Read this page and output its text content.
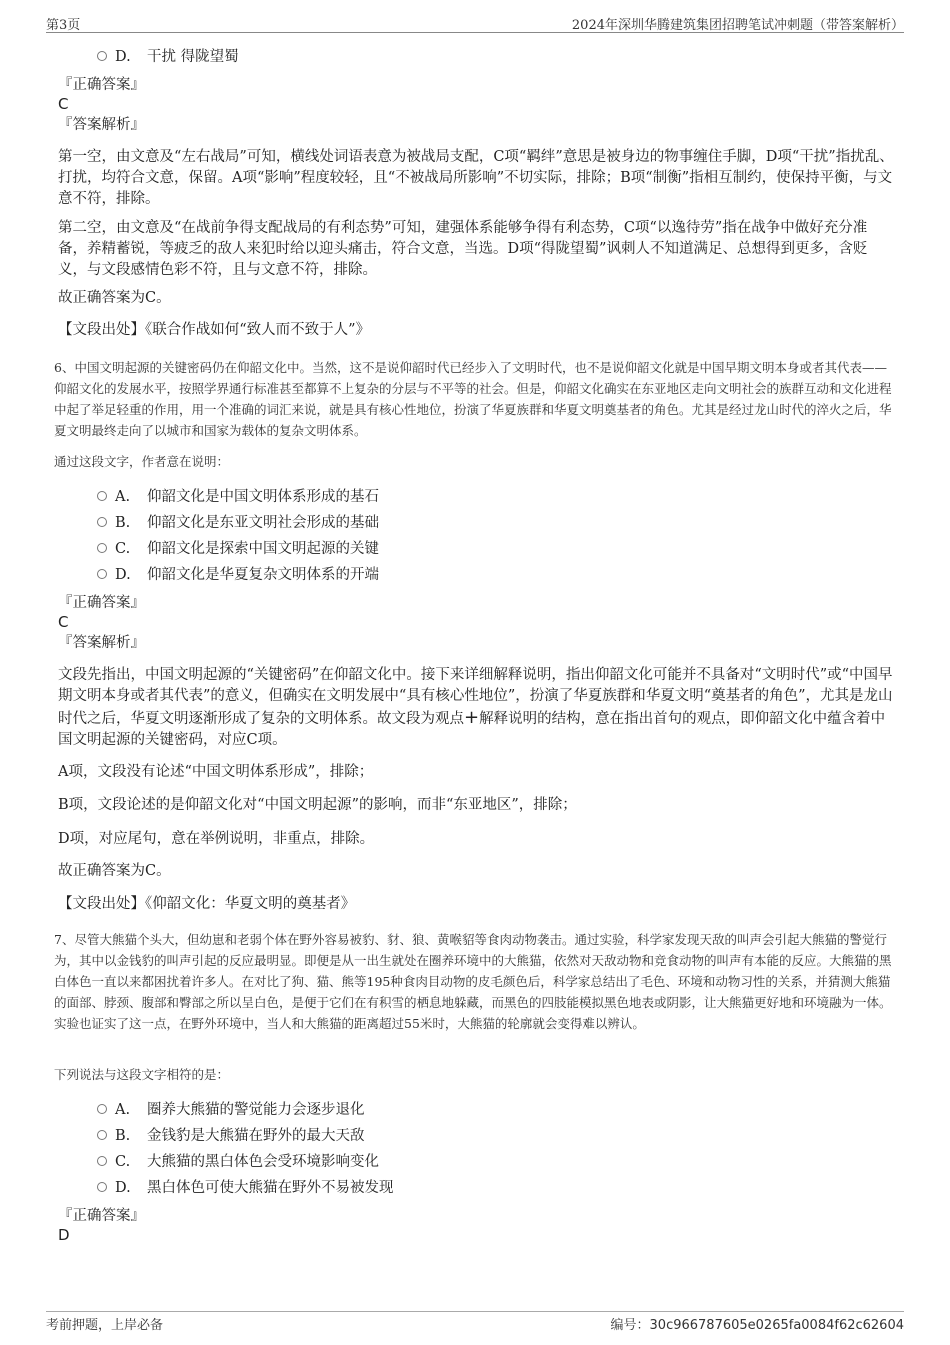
第3页	2024年深圳华腾建筑集团招聘笔试冲刺题（带答案解析）
D. 干扰 得陇望蜀
『正确答案』
C
『答案解析』
第一空，由文意及“左右战局”可知，横线处词语表意为被战局支配，C项“羁绊”意思是被身边的物事缠住手脚，D项“干扰”指扰乱、打扰，均符合文意，保留。A项“影响”程度较轻，且“不被战局所影响”不切实际，排除；B项“制衡”指相互制约，使保持平衡，与文意不符，排除。
第二空，由文意及“在战前争得支配战局的有利态势”可知，建强体系能够争得有利态势，C项“以逸待劳”指在战争中做好充分准备，养精蓄锐，等疲乏的敌人来犯时给以迎头痛击，符合文意，当选。D项“得陇望蜀”讽刺人不知道满足、总想得到更多，含贬义，与文段感情色彩不符，且与文意不符，排除。
故正确答案为C。
【文段出处】《联合作战如何“致人而不致于人”》
6、中国文明起源的关键密码仍在仰韶文化中。当然，这不是说仰韶时代已经步入了文明时代，也不是说仰韶文化就是中国早期文明本身或者其代表——仰韶文化的发展水平，按照学界通行标准甚至都算不上复杂的分层与不平等的社会。但是，仰韶文化确实在东亚地区走向文明社会的族群互动和文化进程中起了举足轻重的作用，用一个准确的词汇来说，就是具有核心性地位，扮演了华夏族群和华夏文明奠基者的角色。尤其是经过龙山时代的淬火之后，华夏文明最终走向了以城市和国家为载体的复杂文明体系。
通过这段文字，作者意在说明：
A. 仰韶文化是中国文明体系形成的基石
B. 仰韶文化是东亚文明社会形成的基础
C. 仰韶文化是探索中国文明起源的关键
D. 仰韶文化是华夏复杂文明体系的开端
『正确答案』
C
『答案解析』
文段先指出，中国文明起源的“关键密码”在仰韶文化中。接下来详细解释说明，指出仰韶文化可能并不具备对“文明时代”或“中国早期文明本身或者其代表”的意义，但确实在文明发展中“具有核心性地位”，扮演了华夏族群和华夏文明“奠基者的角色”，尤其是龙山时代之后，华夏文明逐渐形成了复杂的文明体系。故文段为观点+解释说明的结构，意在指出首句的观点，即仰韶文化中蕴含着中国文明起源的关键密码，对应C项。
A项，文段没有论述“中国文明体系形成”，排除；
B项，文段论述的是仰韶文化对“中国文明起源”的影响，而非“东亚地区”，排除；
D项，对应尾句，意在举例说明，非重点，排除。
故正确答案为C。
【文段出处】《仰韶文化：华夏文明的奠基者》
7、尽管大熊猫个头大，但幼崽和老弱个体在野外容易被豹、豺、狼、黄喉貂等食肉动物袭击。通过实验，科学家发现天敌的叫声会引起大熊猫的警觉行为，其中以金钱豹的叫声引起的反应最明显。即便是从一出生就处在圈养环境中的大熊猫，依然对天敌动物和竞食动物的叫声有本能的反应。大熊猫的黑白体色一直以来都困扰着许多人。在对比了狗、猫、熊等195种食肉目动物的皮毛颜色后，科学家总结出了毛色、环境和动物习性的关系，并猜测大熊猫的面部、脖颈、腹部和臀部之所以呈白色，是便于它们在有积雪的栖息地躲藏，而黑色的四肢能模拟黑色地表或阴影，让大熊猫更好地和环境融为一体。实验也证实了这一点，在野外环境中，当人和大熊猫的距离超过55米时，大熊猫的轮廓就会变得难以辨认。
下列说法与这段文字相符的是：
A. 圈养大熊猫的警觉能力会逐步退化
B. 金钱豹是大熊猫在野外的最大天敌
C. 大熊猫的黑白体色会受环境影响变化
D. 黑白体色可使大熊猫在野外不易被发现
『正确答案』
D
考前押题，上岸必备	编号：30c966787605e0265fa0084f62c62604
